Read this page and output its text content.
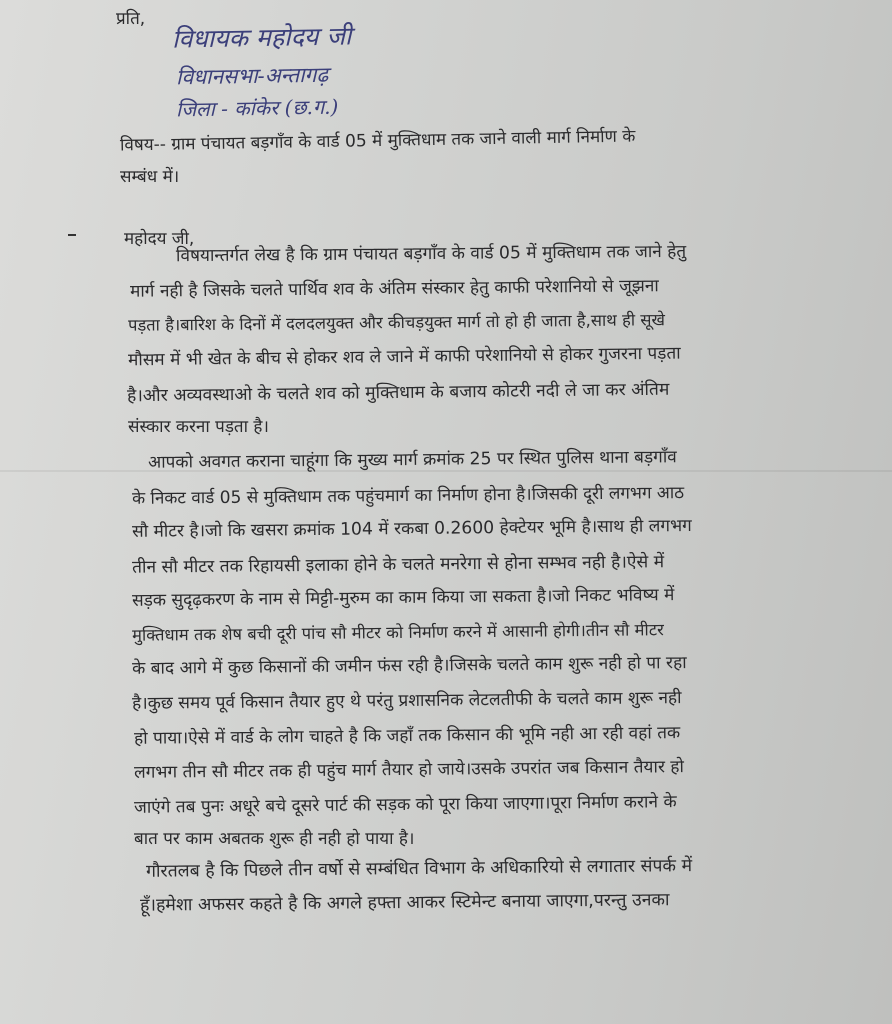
प्रति,
विधायक महोदय जी
विधानसभा-अन्तागढ़
जिला - कांकेर (छ.ग.)
विषय-- ग्राम पंचायत बड़गाँव के वार्ड 05 में मुक्तिधाम तक जाने वाली मार्ग निर्माण के
सम्बंध में।
महोदय जी,
विषयान्तर्गत लेख है कि ग्राम पंचायत बड़गाँव के वार्ड 05 में मुक्तिधाम तक जाने हेतु
मार्ग नही है जिसके चलते पार्थिव शव के अंतिम संस्कार हेतु काफी परेशानियो से जूझना
पड़ता है।बारिश के दिनों में दलदलयुक्त और कीचड़युक्त मार्ग तो हो ही जाता है,साथ ही सूखे
मौसम में भी खेत के बीच से होकर शव ले जाने में काफी परेशानियो से होकर गुजरना पड़ता
है।और अव्यवस्थाओ के चलते शव को मुक्तिधाम के बजाय कोटरी नदी ले जा कर अंतिम
संस्कार करना पड़ता है।
आपको अवगत कराना चाहूंगा कि मुख्य मार्ग क्रमांक 25 पर स्थित पुलिस थाना बड़गाँव
के निकट वार्ड 05 से मुक्तिधाम तक पहुंचमार्ग का निर्माण होना है।जिसकी दूरी लगभग आठ
सौ मीटर है।जो कि खसरा क्रमांक 104 में रकबा 0.2600 हेक्टेयर भूमि है।साथ ही लगभग
तीन सौ मीटर तक रिहायसी इलाका होने के चलते मनरेगा से होना सम्भव नही है।ऐसे में
सड़क सुदृढ़करण के नाम से मिट्टी-मुरुम का काम किया जा सकता है।जो निकट भविष्य में
मुक्तिधाम तक शेष बची दूरी पांच सौ मीटर को निर्माण करने में आसानी होगी।तीन सौ मीटर
के बाद आगे में कुछ किसानों की जमीन फंस रही है।जिसके चलते काम शुरू नही हो पा रहा
है।कुछ समय पूर्व किसान तैयार हुए थे परंतु प्रशासनिक लेटलतीफी के चलते काम शुरू नही
हो पाया।ऐसे में वार्ड के लोग चाहते है कि जहाँ तक किसान की भूमि नही आ रही वहां तक
लगभग तीन सौ मीटर तक ही पहुंच मार्ग तैयार हो जाये।उसके उपरांत जब किसान तैयार हो
जाएंगे तब पुनः अधूरे बचे दूसरे पार्ट की सड़क को पूरा किया जाएगा।पूरा निर्माण कराने के
बात पर काम अबतक शुरू ही नही हो पाया है।
गौरतलब है कि पिछले तीन वर्षो से सम्बंधित विभाग के अधिकारियो से लगातार संपर्क में
हूँ।हमेशा अफसर कहते है कि अगले हफ्ता आकर स्टिमेन्ट बनाया जाएगा,परन्तु उनका
